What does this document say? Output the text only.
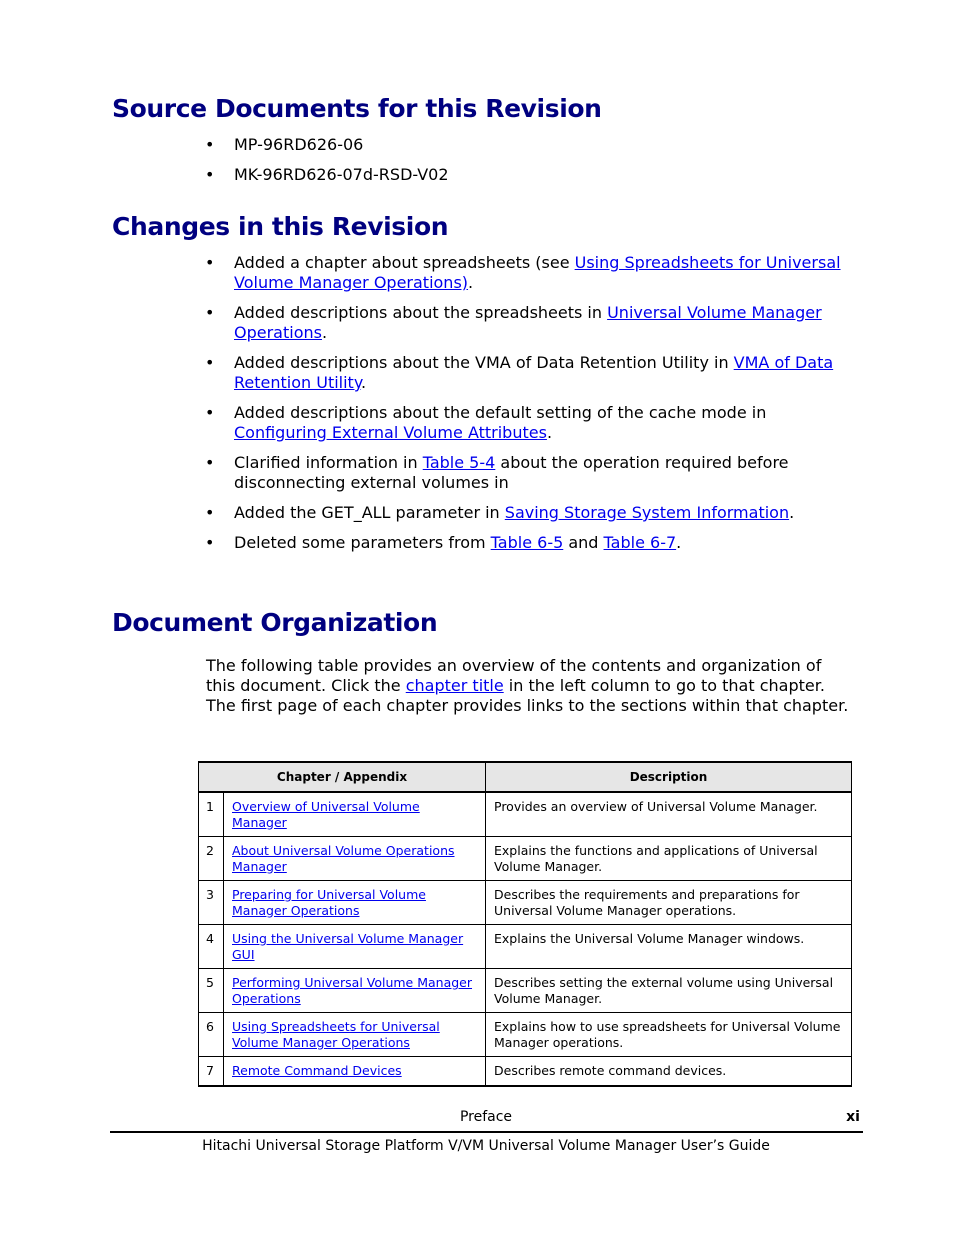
Source Documents for this Revision
• MP-96RD626-06
• MK-96RD626-07d-RSD-V02
Changes in this Revision
• Added a chapter about spreadsheets (see Using Spreadsheets for Universal Volume Manager Operations).
• Added descriptions about the spreadsheets in Universal Volume Manager Operations.
• Added descriptions about the VMA of Data Retention Utility in VMA of Data Retention Utility.
• Added descriptions about the default setting of the cache mode in Configuring External Volume Attributes.
• Clarified information in Table 5-4 about the operation required before disconnecting external volumes in
• Added the GET_ALL parameter in Saving Storage System Information.
• Deleted some parameters from Table 6-5 and Table 6-7.
Document Organization

The following table provides an overview of the contents and organization of this document. Click the chapter title in the left column to go to that chapter. The first page of each chapter provides links to the sections within that chapter.

Chapter / Appendix		Description
1	Overview of Universal Volume Manager	Provides an overview of Universal Volume Manager.
2	About Universal Volume Operations Manager	Explains the functions and applications of Universal Volume Manager.
3	Preparing for Universal Volume Manager Operations	Describes the requirements and preparations for Universal Volume Manager operations.
4	Using the Universal Volume Manager GUI	Explains the Universal Volume Manager windows.
5	Performing Universal Volume Manager Operations	Describes setting the external volume using Universal Volume Manager.
6	Using Spreadsheets for Universal Volume Manager Operations	Explains how to use spreadsheets for Universal Volume Manager operations.
7	Remote Command Devices	Describes remote command devices.
Preface	xi
Hitachi Universal Storage Platform V/VM Universal Volume Manager User’s Guide
